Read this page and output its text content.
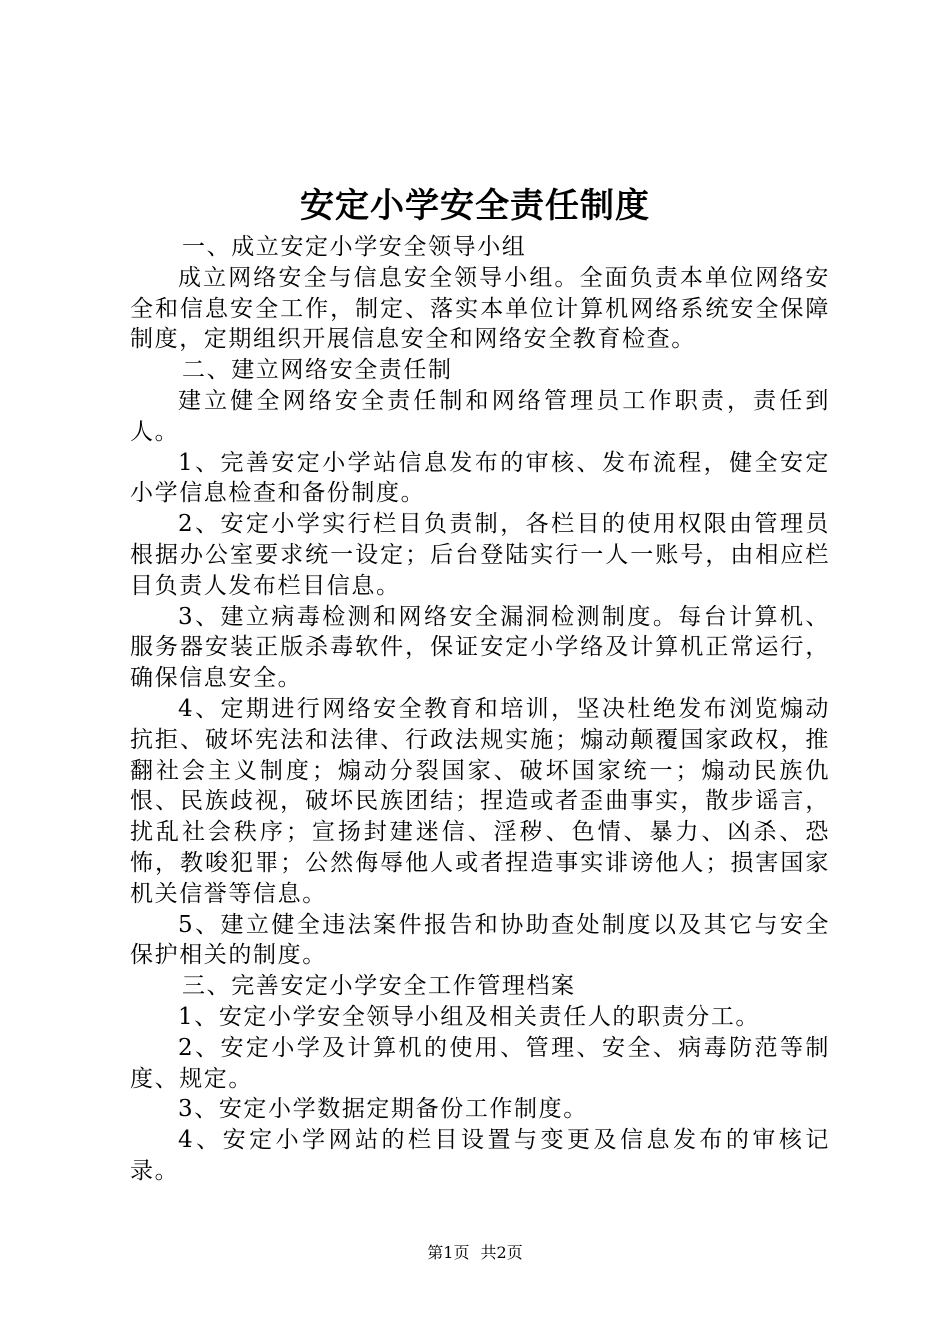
安定小学安全责任制度

一、成立安定小学安全领导小组

成立网络安全与信息安全领导小组。全面负责本单位网络安全和信息安全工作，制定、落实本单位计算机网络系统安全保障制度，定期组织开展信息安全和网络安全教育检查。

二、建立网络安全责任制

建立健全网络安全责任制和网络管理员工作职责，责任到人。

1、完善安定小学站信息发布的审核、发布流程，健全安定小学信息检查和备份制度。

2、安定小学实行栏目负责制，各栏目的使用权限由管理员根据办公室要求统一设定；后台登陆实行一人一账号，由相应栏目负责人发布栏目信息。

3、建立病毒检测和网络安全漏洞检测制度。每台计算机、服务器安装正版杀毒软件，保证安定小学络及计算机正常运行，确保信息安全。

4、定期进行网络安全教育和培训，坚决杜绝发布浏览煽动抗拒、破坏宪法和法律、行政法规实施；煽动颠覆国家政权，推翻社会主义制度；煽动分裂国家、破坏国家统一；煽动民族仇恨、民族歧视，破坏民族团结；捏造或者歪曲事实，散步谣言，扰乱社会秩序；宣扬封建迷信、淫秽、色情、暴力、凶杀、恐怖，教唆犯罪；公然侮辱他人或者捏造事实诽谤他人；损害国家机关信誉等信息。

5、建立健全违法案件报告和协助查处制度以及其它与安全保护相关的制度。

三、完善安定小学安全工作管理档案

1、安定小学安全领导小组及相关责任人的职责分工。

2、安定小学及计算机的使用、管理、安全、病毒防范等制度、规定。

3、安定小学数据定期备份工作制度。

4、安定小学网站的栏目设置与变更及信息发布的审核记录。

第1页 共2页
